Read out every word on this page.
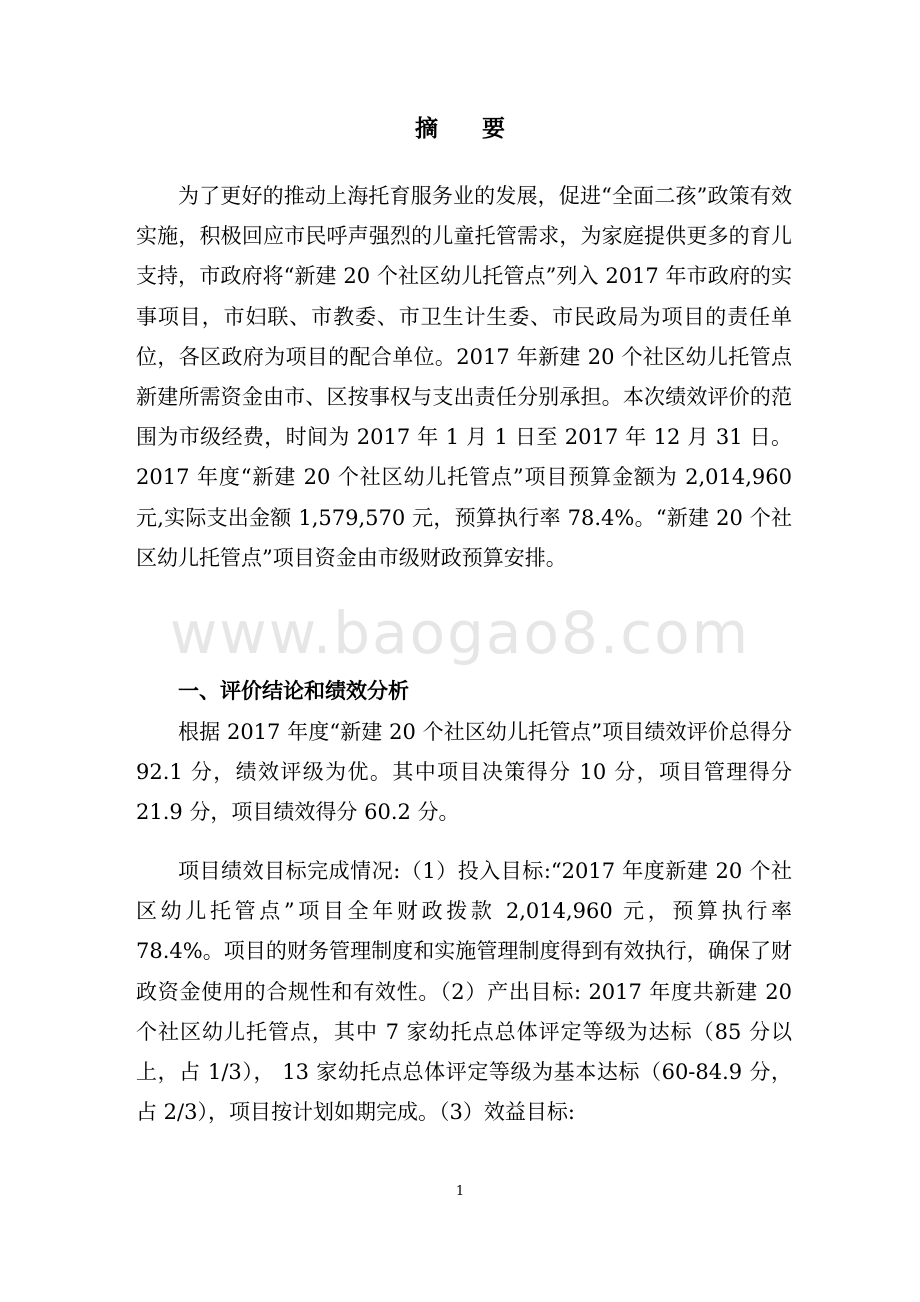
摘 要

为了更好的推动上海托育服务业的发展，促进“全面二孩”政策有效实施，积极回应市民呼声强烈的儿童托管需求，为家庭提供更多的育儿支持，市政府将“新建 20 个社区幼儿托管点”列入 2017 年市政府的实事项目，市妇联、市教委、市卫生计生委、市民政局为项目的责任单位，各区政府为项目的配合单位。2017 年新建 20 个社区幼儿托管点新建所需资金由市、区按事权与支出责任分别承担。本次绩效评价的范围为市级经费，时间为 2017 年 1 月 1 日至 2017 年 12 月 31 日。2017 年度“新建 20 个社区幼儿托管点”项目预算金额为 2,014,960 元,实际支出金额 1,579,570 元，预算执行率 78.4%。“新建 20 个社区幼儿托管点”项目资金由市级财政预算安排。

www.baogao8.com

一、评价结论和绩效分析

根据 2017 年度“新建 20 个社区幼儿托管点”项目绩效评价总得分 92.1 分，绩效评级为优。其中项目决策得分 10 分，项目管理得分 21.9 分，项目绩效得分 60.2 分。

项目绩效目标完成情况:（1）投入目标:“2017 年度新建 20 个社区幼儿托管点”项目全年财政拨款 2,014,960 元，预算执行率 78.4%。项目的财务管理制度和实施管理制度得到有效执行，确保了财政资金使用的合规性和有效性。（2）产出目标: 2017 年度共新建 20 个社区幼儿托管点，其中 7 家幼托点总体评定等级为达标（85 分以上，占 1/3）， 13 家幼托点总体评定等级为基本达标（60-84.9 分，占 2/3），项目按计划如期完成。（3）效益目标:

1
